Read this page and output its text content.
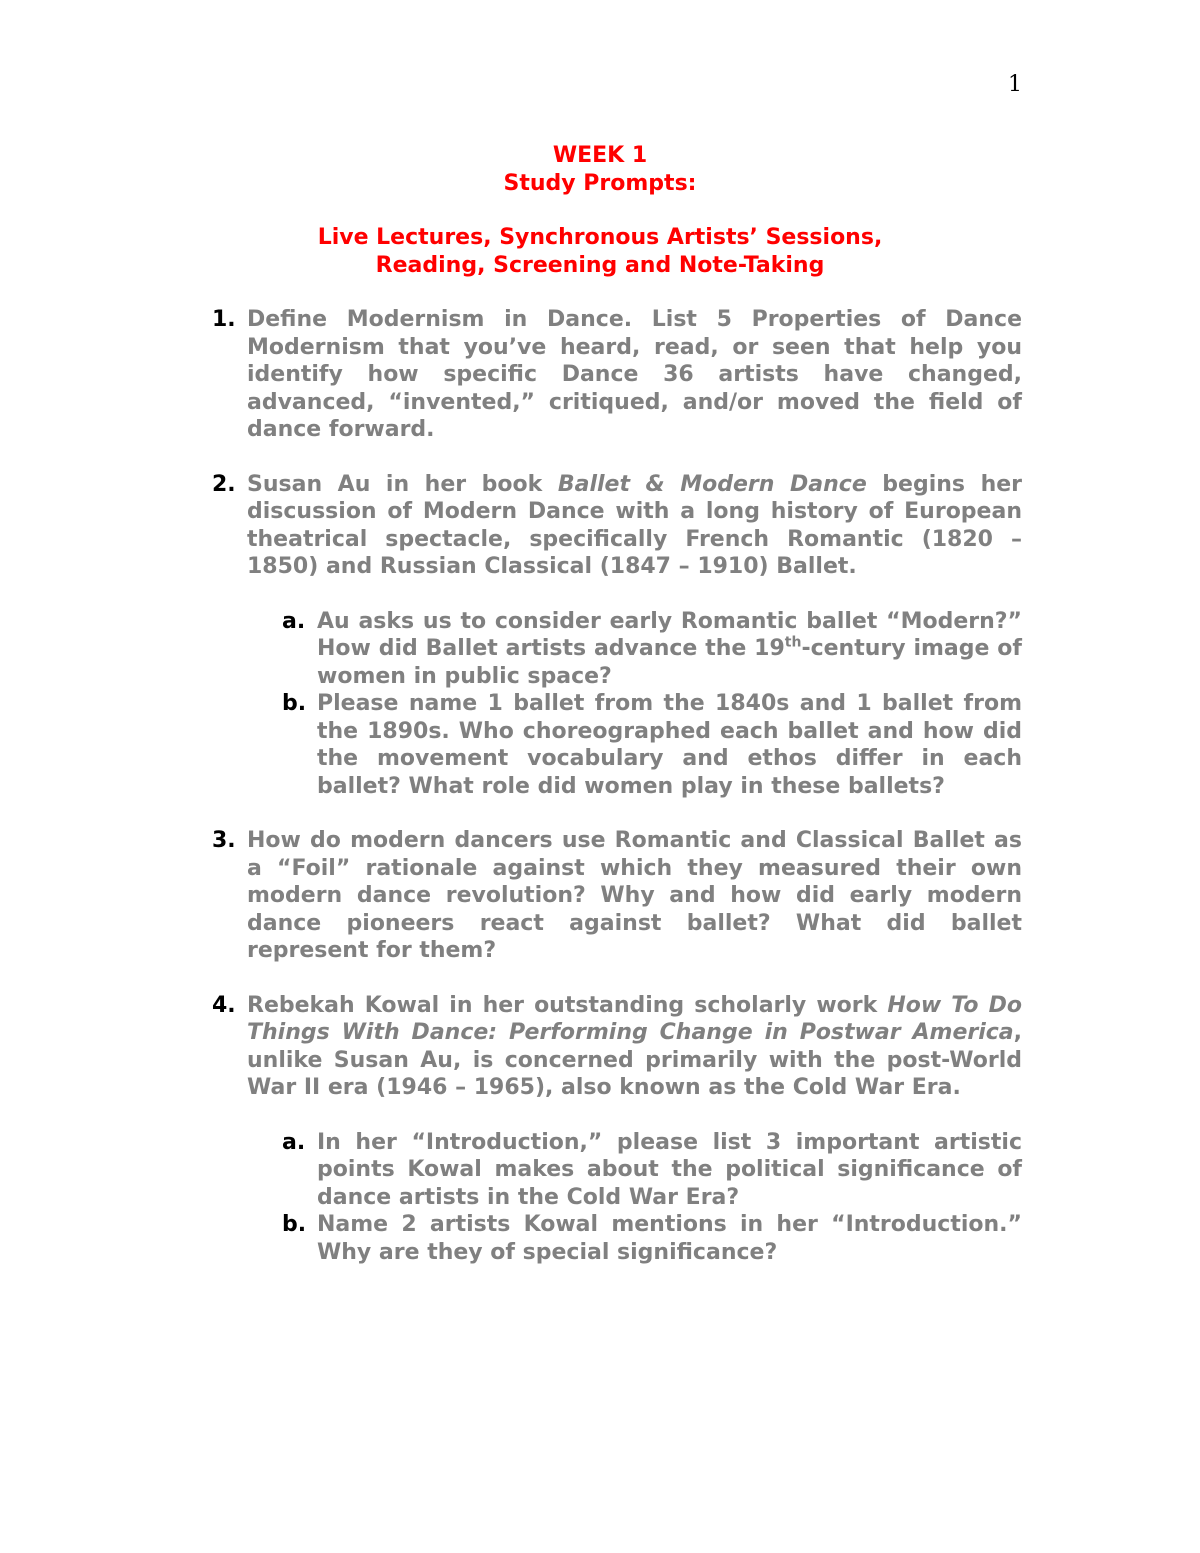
1
WEEK 1
Study Prompts:
Live Lectures, Synchronous Artists’ Sessions,
Reading, Screening and Note-Taking
1. Define Modernism in Dance. List 5 Properties of Dance Modernism that you’ve heard, read, or seen that help you identify how specific Dance 36 artists have changed, advanced, “invented,” critiqued, and/or moved the field of dance forward.
2. Susan Au in her book Ballet & Modern Dance begins her discussion of Modern Dance with a long history of European theatrical spectacle, specifically French Romantic (1820 – 1850) and Russian Classical (1847 – 1910) Ballet.
a. Au asks us to consider early Romantic ballet “Modern?” How did Ballet artists advance the 19th-century image of women in public space?
b. Please name 1 ballet from the 1840s and 1 ballet from the 1890s. Who choreographed each ballet and how did the movement vocabulary and ethos differ in each ballet? What role did women play in these ballets?
3. How do modern dancers use Romantic and Classical Ballet as a “Foil” rationale against which they measured their own modern dance revolution? Why and how did early modern dance pioneers react against ballet? What did ballet represent for them?
4. Rebekah Kowal in her outstanding scholarly work How To Do Things With Dance: Performing Change in Postwar America, unlike Susan Au, is concerned primarily with the post-World War II era (1946 – 1965), also known as the Cold War Era.
a. In her “Introduction,” please list 3 important artistic points Kowal makes about the political significance of dance artists in the Cold War Era?
b. Name 2 artists Kowal mentions in her “Introduction.” Why are they of special significance?
